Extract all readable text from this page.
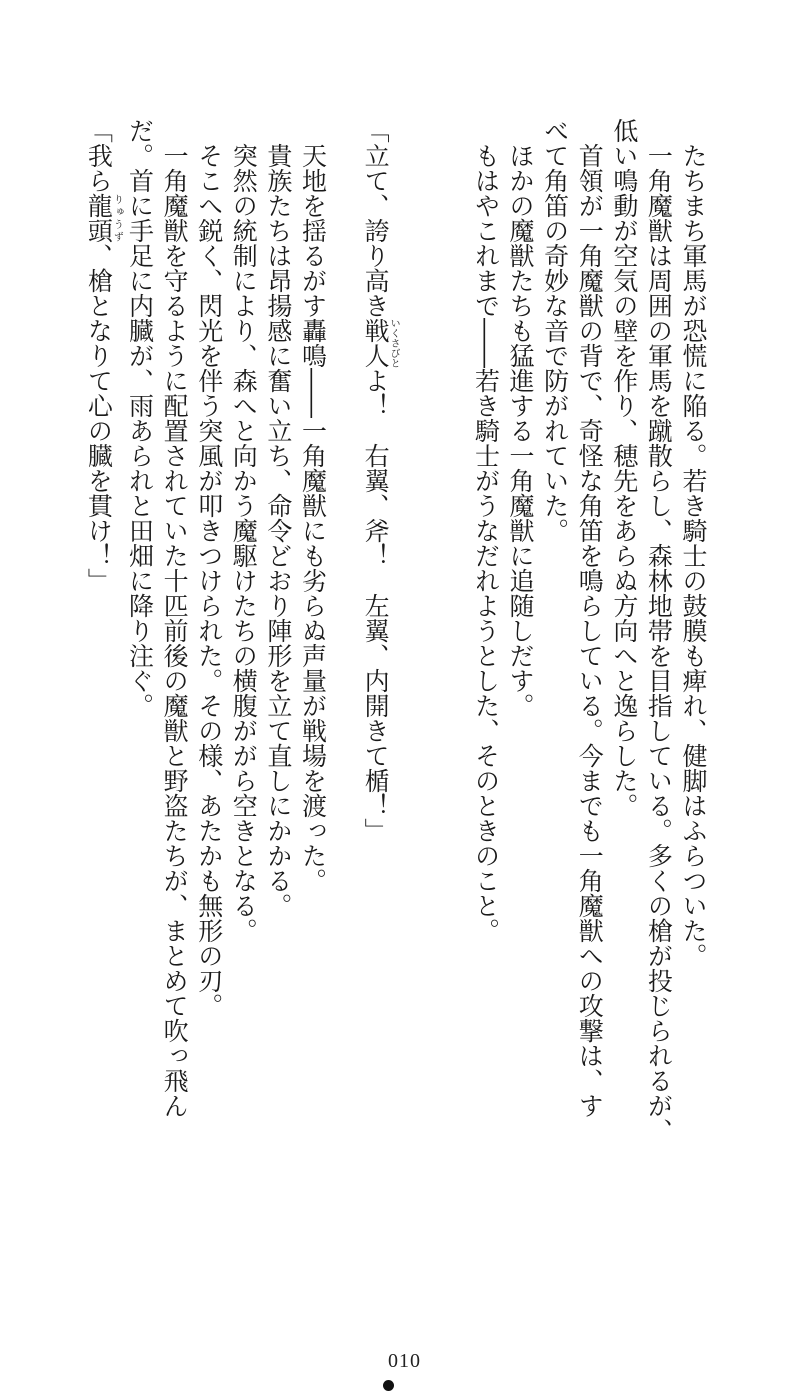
たちまち軍馬が恐慌に陥る。若き騎士の鼓膜も痺れ、健脚はふらついた。

一角魔獣は周囲の軍馬を蹴散らし、森林地帯を目指している。多くの槍が投じられるが、

低い鳴動が空気の壁を作り、穂先をあらぬ方向へと逸らした。

首領が一角魔獣の背で、奇怪な角笛を鳴らしている。今までも一角魔獣への攻撃は、す

べて角笛の奇妙な音で防がれていた。

ほかの魔獣たちも猛進する一角魔獣に追随しだす。

もはやこれまで――若き騎士がうなだれようとした、そのときのこと。

「立て、誇り高き戦人いくさびとよ！　右翼、斧！　左翼、内開きて楯！」

天地を揺るがす轟鳴――一角魔獣にも劣らぬ声量が戦場を渡った。

貴族たちは昂揚感に奮い立ち、命令どおり陣形を立て直しにかかる。

突然の統制により、森へと向かう魔駆けたちの横腹ががら空きとなる。

そこへ鋭く、閃光を伴う突風が叩きつけられた。その様、あたかも無形の刃。

一角魔獣を守るように配置されていた十匹前後の魔獣と野盗たちが、まとめて吹っ飛ん

だ。首に手足に内臓が、雨あられと田畑に降り注ぐ。

「我ら龍頭りゅうず、槍となりて心の臓を貫け！」

010
